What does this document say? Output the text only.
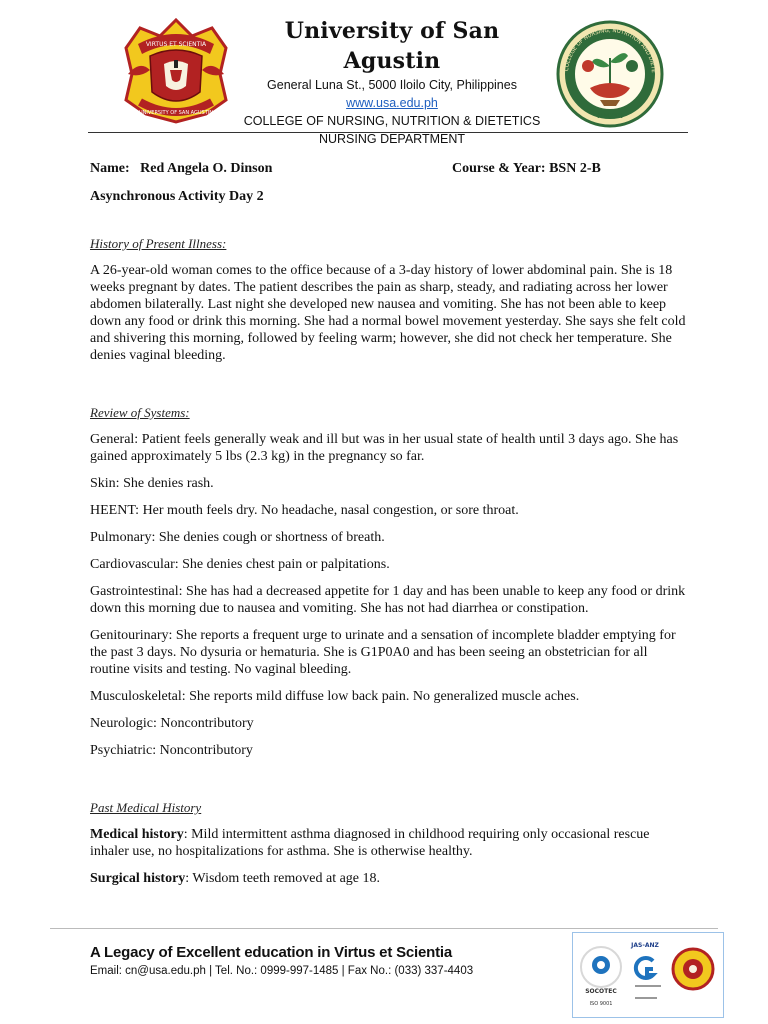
VIRTUS ET SCIENTIA
UNIVERSITY OF SAN AGUSTIN
University of San Agustin
General Luna St., 5000 Iloilo City, Philippines
www.usa.edu.ph
COLLEGE OF NURSING, NUTRITION & DIETETICS
NURSING DEPARTMENT
COLLEGE OF NURSING, NUTRITION AND DIETE
MMXXII
Name: Red Angela O. Dinson	Course & Year: BSN 2-B
Asynchronous Activity Day 2
History of Present Illness:
A 26-year-old woman comes to the office because of a 3-day history of lower abdominal pain. She is 18 weeks pregnant by dates. The patient describes the pain as sharp, steady, and radiating across her lower abdomen bilaterally. Last night she developed new nausea and vomiting. She has not been able to keep down any food or drink this morning. She had a normal bowel movement yesterday. She says she felt cold and shivering this morning, followed by feeling warm; however, she did not check her temperature. She denies vaginal bleeding.
Review of Systems:
General: Patient feels generally weak and ill but was in her usual state of health until 3 days ago. She has gained approximately 5 lbs (2.3 kg) in the pregnancy so far.
Skin: She denies rash.
HEENT: Her mouth feels dry. No headache, nasal congestion, or sore throat.
Pulmonary: She denies cough or shortness of breath.
Cardiovascular: She denies chest pain or palpitations.
Gastrointestinal: She has had a decreased appetite for 1 day and has been unable to keep any food or drink down this morning due to nausea and vomiting. She has not had diarrhea or constipation.
Genitourinary: She reports a frequent urge to urinate and a sensation of incomplete bladder emptying for the past 3 days. No dysuria or hematuria. She is G1P0A0 and has been seeing an obstetrician for all routine visits and testing. No vaginal bleeding.
Musculoskeletal: She reports mild diffuse low back pain. No generalized muscle aches.
Neurologic: Noncontributory
Psychiatric: Noncontributory
Past Medical History
Medical history: Mild intermittent asthma diagnosed in childhood requiring only occasional rescue inhaler use, no hospitalizations for asthma. She is otherwise healthy.
Surgical history: Wisdom teeth removed at age 18.
A Legacy of Excellent education in Virtus et Scientia
Email: cn@usa.edu.ph | Tel. No.: 0999-997-1485 | Fax No.: (033) 337-4403
SOCOTEC
ISO 9001
JAS-ANZ
